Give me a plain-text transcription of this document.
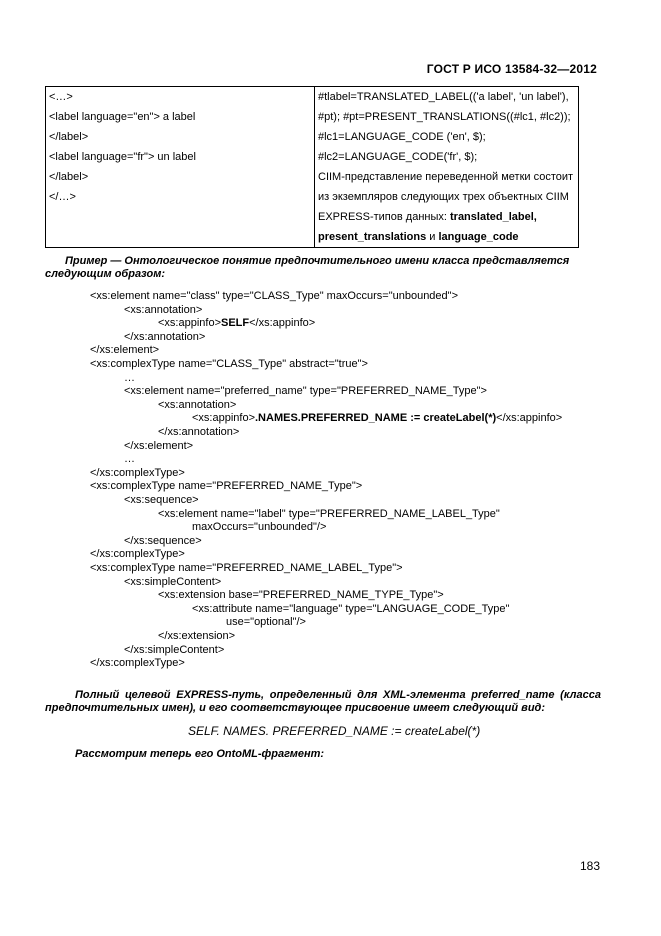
ГОСТ Р ИСО 13584-32—2012
<…>	#tlabel=TRANSLATED_LABEL(('a label', 'un label'),
<label language="en"> a label	#pt); #pt=PRESENT_TRANSLATIONS((#lc1, #lc2));
</label>	#lc1=LANGUAGE_CODE ('en', $);
<label language="fr"> un label	#lc2=LANGUAGE_CODE('fr', $);
</label>	CIIM-представление переведенной метки состоит
</…>	из экземпляров следующих трех объектных CIIM
	EXPRESS-типов данных: translated_label,
	present_translations и language_code
Пример — Онтологическое понятие предпочтительного имени класса представляется следующим образом:
<xs:element name="class" type="CLASS_Type" maxOccurs="unbounded">
<xs:annotation>
<xs:appinfo>SELF</xs:appinfo>
</xs:annotation>
</xs:element>
<xs:complexType name="CLASS_Type" abstract="true">
…
<xs:element name="preferred_name" type="PREFERRED_NAME_Type">
<xs:annotation>
<xs:appinfo>.NAMES.PREFERRED_NAME := createLabel(*)</xs:appinfo>
</xs:annotation>
</xs:element>
…
</xs:complexType>
<xs:complexType name="PREFERRED_NAME_Type">
<xs:sequence>
<xs:element name="label" type="PREFERRED_NAME_LABEL_Type"
maxOccurs="unbounded"/>
</xs:sequence>
</xs:complexType>
<xs:complexType name="PREFERRED_NAME_LABEL_Type">
<xs:simpleContent>
<xs:extension base="PREFERRED_NAME_TYPE_Type">
<xs:attribute name="language" type="LANGUAGE_CODE_Type"
use="optional"/>
</xs:extension>
</xs:simpleContent>
</xs:complexType>
Полный целевой EXPRESS-путь, определенный для XML-элемента preferred_name (класса предпочтительных имен), и его соответствующее присвоение имеет следующий вид:
SELF. NAMES. PREFERRED_NAME := createLabel(*)
Рассмотрим теперь его OntoML-фрагмент:
183
